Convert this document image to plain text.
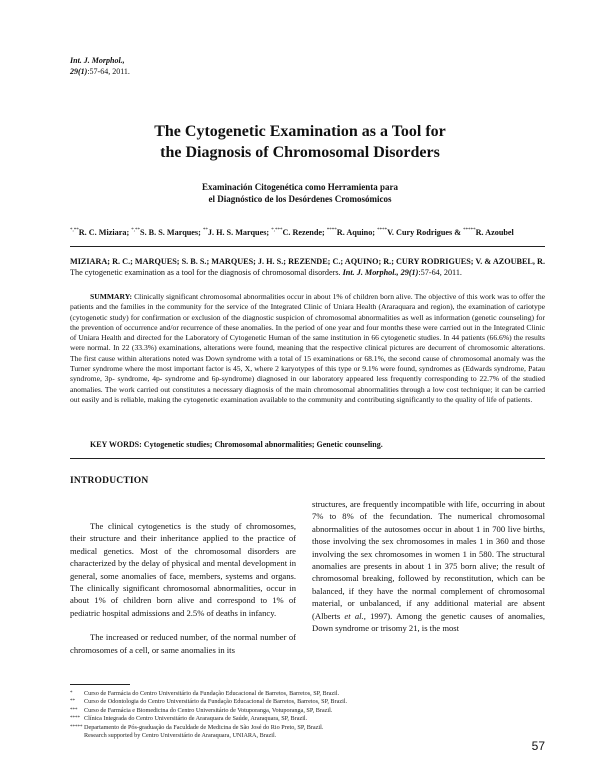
Int. J. Morphol.,
29(1):57-64, 2011.
The Cytogenetic Examination as a Tool for
the Diagnosis of Chromosomal Disorders
Examinación Citogenética como Herramienta para
el Diagnóstico de los Desórdenes Cromosómicos
*,**R. C. Miziara; *,**S. B. S. Marques; **J. H. S. Marques; *,***C. Rezende; ****R. Aquino; ****V. Cury Rodrigues & *****R. Azoubel
MIZIARA; R. C.; MARQUES; S. B. S.; MARQUES; J. H. S.; REZENDE; C.; AQUINO; R.; CURY RODRIGUES; V. & AZOUBEL, R. The cytogenetic examination as a tool for the diagnosis of chromosomal disorders. Int. J. Morphol., 29(1):57-64, 2011.
SUMMARY: Clinically significant chromosomal abnormalities occur in about 1% of children born alive. The objective of this work was to offer the patients and the families in the community for the service of the Integrated Clinic of Uniara Health (Araraquara and region), the examination of cariotype (cytogenetic study) for confirmation or exclusion of the diagnostic suspicion of chromosomal abnormalities as well as information (genetic counseling) for the prevention of occurrence and/or recurrence of these anomalies. In the period of one year and four months these were carried out in the Integrated Clinic of Uniara Health and directed for the Laboratory of Cytogenetic Human of the same institution in 66 cytogenetic studies. In 44 patients (66.6%) the results were normal. In 22 (33.3%) examinations, alterations were found, meaning that the respective clinical pictures are decurrent of chromosomic alterations. The first cause within alterations noted was Down syndrome with a total of 15 examinations or 68.1%, the second cause of chromosomal anomaly was the Turner syndrome where the most important factor is 45, X, where 2 karyotypes of this type or 9.1% were found, syndromes as (Edwards syndrome, Patau syndrome, 3p- syndrome, 4p- syndrome and 6p-syndrome) diagnosed in our laboratory appeared less frequently corresponding to 22.7% of the studied anomalies. The work carried out constitutes a necessary diagnosis of the main chromosomal abnormalities through a low cost technique; it can be carried out easily and is reliable, making the cytogenetic examination available to the community and contributing significantly to the quality of life of patients.
KEY WORDS: Cytogenetic studies; Chromosomal abnormalities; Genetic counseling.
INTRODUCTION

The clinical cytogenetics is the study of chromosomes, their structure and their inheritance applied to the practice of medical genetics. Most of the chromosomal disorders are characterized by the delay of physical and mental development in general, some anomalies of face, members, systems and organs. The clinically significant chromosomal abnormalities, occur in about 1% of children born alive and correspond to 1% of pediatric hospital admissions and 2.5% of deaths in infancy.

The increased or reduced number, of the normal number of chromosomes of a cell, or same anomalies in its

structures, are frequently incompatible with life, occurring in about 7% to 8% of the fecundation. The numerical chromosomal abnormalities of the autosomes occur in about 1 in 700 live births, those involving the sex chromosomes in males 1 in 360 and those involving the sex chromosomes in women 1 in 580. The structural anomalies are presents in about 1 in 375 born alive; the result of chromosomal breaking, followed by reconstitution, which can be balanced, if they have the normal complement of chromosomal material, or unbalanced, if any additional material are absent (Alberts et al., 1997). Among the genetic causes of anomalies, Down syndrome or trisomy 21, is the most

*	Curso de Farmácia do Centro Universitário da Fundação Educacional de Barretos, Barretos, SP, Brazil.
**	Curso de Odontologia do Centro Universitário da Fundação Educacional de Barretos, Barretos, SP, Brazil.
***	Curso de Farmácia e Biomedicina do Centro Universitário de Votuporanga, Votuporanga, SP, Brazil.
**** Clínica Integrada do Centro Universitário de Araraquara de Saúde, Araraquara, SP, Brazil.
***** Departamento de Pós-graduação da Faculdade de Medicina de São José do Rio Preto, SP, Brazil.
Research supported by Centro Universitário de Araraquara, UNIARA, Brazil.
57
